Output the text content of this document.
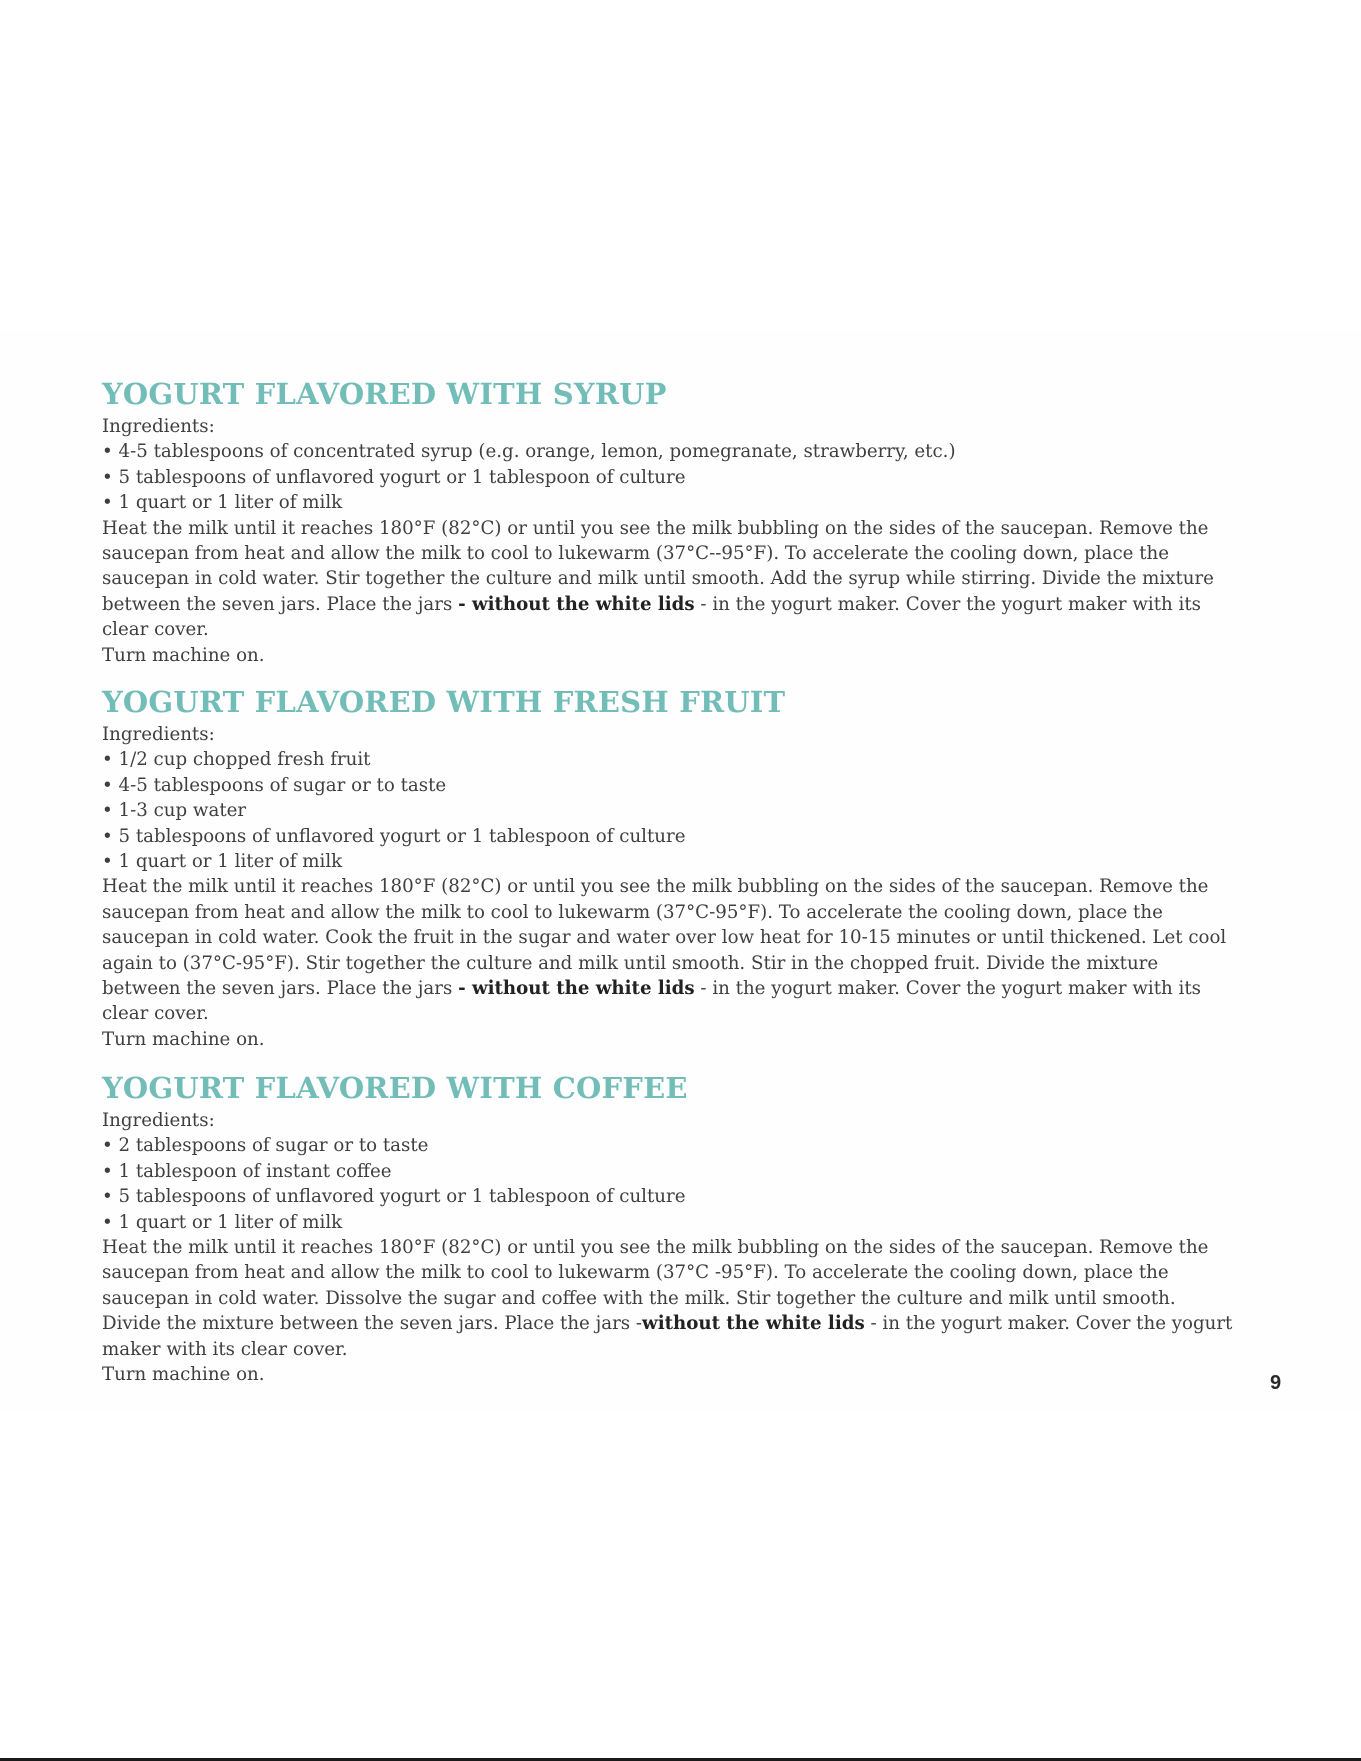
YOGURT FLAVORED WITH SYRUP
Ingredients:
• 4-5 tablespoons of concentrated syrup (e.g. orange, lemon, pomegranate, strawberry, etc.)
• 5 tablespoons of unflavored yogurt or 1 tablespoon of culture
• 1 quart or 1 liter of milk

Heat the milk until it reaches 180°F (82°C) or until you see the milk bubbling on the sides of the saucepan. Remove the

saucepan from heat and allow the milk to cool to lukewarm (37°C--95°F). To accelerate the cooling down, place the

saucepan in cold water. Stir together the culture and milk until smooth. Add the syrup while stirring. Divide the mixture

between the seven jars. Place the jars - without the white lids - in the yogurt maker. Cover the yogurt maker with its

clear cover.

Turn machine on.

YOGURT FLAVORED WITH FRESH FRUIT
Ingredients:
• 1/2 cup chopped fresh fruit
• 4-5 tablespoons of sugar or to taste
• 1-3 cup water
• 5 tablespoons of unflavored yogurt or 1 tablespoon of culture
• 1 quart or 1 liter of milk

Heat the milk until it reaches 180°F (82°C) or until you see the milk bubbling on the sides of the saucepan. Remove the

saucepan from heat and allow the milk to cool to lukewarm (37°C-95°F). To accelerate the cooling down, place the

saucepan in cold water. Cook the fruit in the sugar and water over low heat for 10-15 minutes or until thickened. Let cool

again to (37°C-95°F). Stir together the culture and milk until smooth. Stir in the chopped fruit. Divide the mixture

between the seven jars. Place the jars - without the white lids - in the yogurt maker. Cover the yogurt maker with its

clear cover.

Turn machine on.

YOGURT FLAVORED WITH COFFEE
Ingredients:
• 2 tablespoons of sugar or to taste
• 1 tablespoon of instant coffee
• 5 tablespoons of unflavored yogurt or 1 tablespoon of culture
• 1 quart or 1 liter of milk

Heat the milk until it reaches 180°F (82°C) or until you see the milk bubbling on the sides of the saucepan. Remove the

saucepan from heat and allow the milk to cool to lukewarm (37°C -95°F). To accelerate the cooling down, place the

saucepan in cold water. Dissolve the sugar and coffee with the milk. Stir together the culture and milk until smooth.

Divide the mixture between the seven jars. Place the jars -without the white lids - in the yogurt maker. Cover the yogurt

maker with its clear cover.

Turn machine on.	9
